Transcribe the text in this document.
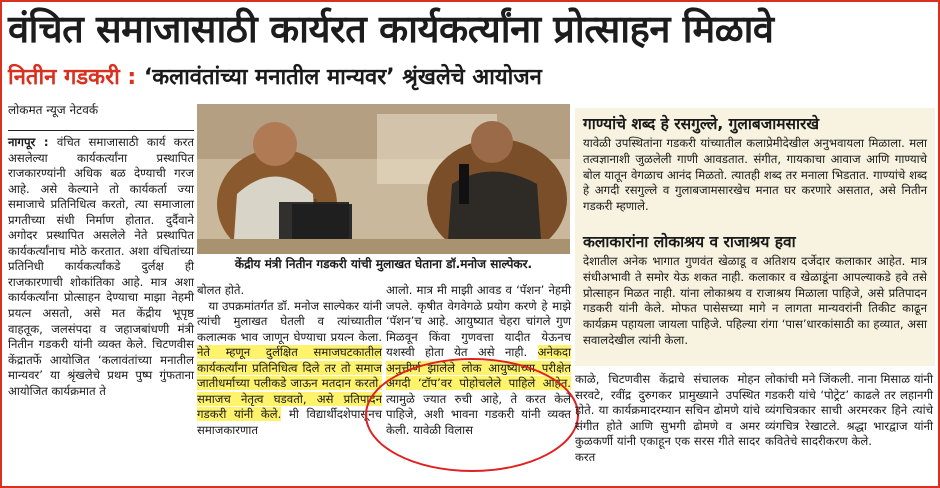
वंचित समाजासाठी कार्यरत कार्यकर्त्यांना प्रोत्साहन मिळावे
नितीन गडकरी : ‘कलावंतांच्या मनातील मान्यवर’ श्रृंखलेचे आयोजन
लोकमत न्यूज नेटवर्क

नागपूर : वंचित समाजासाठी कार्य करत असलेल्या कार्यकर्त्यांना प्रस्थापित राजकारण्यांनी अधिक बळ देण्याची गरज आहे. असे केल्याने तो कार्यकर्ता ज्या समाजाचे प्रतिनिधित्व करतो, त्या समाजाला प्रगतीच्या संधी निर्माण होतात. दुर्दैवाने अगोदर प्रस्थापित असलेले नेते प्रस्थापित कार्यकर्त्यांनाच मोठे करतात. अशा वंचितांच्या प्रतिनिधी कार्यकर्त्यांकडे दुर्लक्ष ही राजकारणाची शोकांतिका आहे. मात्र अशा कार्यकर्त्यांना प्रोत्साहन देण्याचा माझा नेहमी प्रयत्न असतो, असे मत केंद्रीय भूपृष्ठ वाहतूक, जलसंपदा व जहाजबांधणी मंत्री नितीन गडकरी यांनी व्यक्त केले. चिटणवीस केंद्रातर्फे आयोजित ‘कलावंतांच्या मनातील मान्यवर’ या श्रृंखलेचे प्रथम पुष्प गुंफताना आयोजित कार्यक्रमात ते

केंद्रीय मंत्री नितीन गडकरी यांची मुलाखत घेताना डॉ.मनोज साल्पेकर.

बोलत होते.

या उपक्रमांतर्गत डॉ. मनोज साल्पेकर यांनी त्यांची मुलाखत घेतली व त्यांच्यातील कलात्मक भाव जाणून घेण्याचा प्रयत्न केला. नेते म्हणून दुर्लक्षित समाजघटकातील कार्यकर्त्यांना प्रतिनिधित्व दिले तर तो समाज जातीधर्माच्या पलीकडे जाऊन मतदान करतो. समाजच नेतृत्व घडवतो, असे प्रतिपादन गडकरी यांनी केले. मी विद्यार्थीदशेपासूनच समाजकारणात

आलो. मात्र मी माझी आवड व ‘पॅशन’ नेहमी जपले. कृषीत वेगवेगळे प्रयोग करणे हे माझे ‘पॅशन’च आहे. आयुष्यात चेहरा चांगले गुण मिळवून किंवा गुणवत्ता यादीत येऊनच यशस्वी होता येत असे नाही. अनेकदा अनुत्तीर्ण झालेले लोक आयुष्याच्या परीक्षेत अगदी ‘टॉप’वर पोहोचलेले पाहिले आहेत. त्यामुळे ज्यात रुची आहे, ते करत केले पाहिजे, अशी भावना गडकरी यांनी व्यक्त केली. यावेळी विलास

गाण्यांचे शब्द हे रसगुल्ले, गुलाबजामसारखे
यावेळी उपस्थितांना गडकरी यांच्यातील कलाप्रेमीदेखील अनुभवायला मिळाला. मला तत्वज्ञानाशी जुळलेली गाणी आवडतात. संगीत, गायकाचा आवाज आणि गाण्याचे बोल यातून वेगळाच आनंद मिळतो. त्यातही शब्द तर मनाला भिडतात. गाण्यांचे शब्द हे अगदी रसगुल्ले व गुलाबजामसारखेच मनात घर करणारे असतात, असे नितीन गडकरी म्हणाले.
कलाकारांना लोकाश्रय व राजाश्रय हवा
देशातील अनेक भागात गुणवंत खेळाडू व अतिशय दर्जेदार कलाकार आहेत. मात्र संधीअभावी ते समोर येऊ शकत नाही. कलाकार व खेळाडूंना आपल्याकडे हवे तसे प्रोत्साहन मिळत नाही. यांना लोकाश्रय व राजाश्रय मिळाला पाहिजे, असे प्रतिपादन गडकरी यांनी केले. मोफत पासेसच्या मागे न लागता मान्यवरांनी तिकीट काढून कार्यक्रम पहायला जायला पाहिजे. पहिल्या रांगा ‘पास’धारकांसाठी का हव्यात, असा सवालदेखील त्यांनी केला.
काळे, चिटणवीस केंद्राचे संचालक मोहन सरवटे, रवींद्र दुरुगकर प्रामुख्याने उपस्थित होते. या कार्यक्रमादरम्यान सचिन ढोमणे यांचे संगीत होते आणि सुभगी ढोमणे व अमर कुळकर्णी यांनी एकाहून एक सरस गीते सादर करत
लोकांची मने जिंकली. नाना मिसाळ यांनी गडकरी यांचे ‘पोट्रेट’ काढले तर लहानगी व्यंगचित्रकार साची अरमरकर हिने त्यांचे व्यंगचित्र रेखाटले. श्रद्धा भारद्वाज यांनी कवितेचे सादरीकरण केले.
